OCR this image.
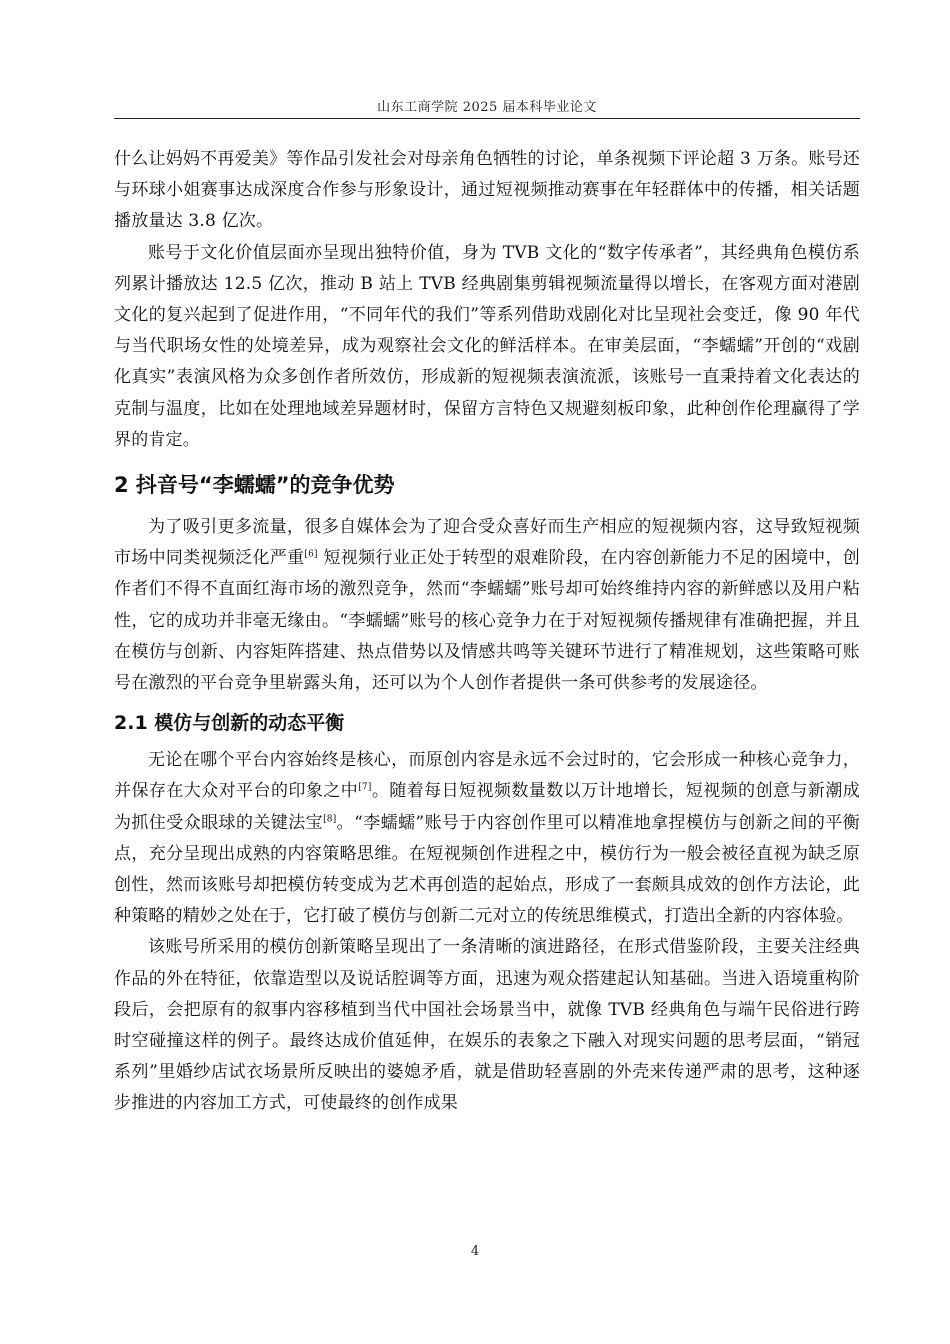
山东工商学院 2025 届本科毕业论文

什么让妈妈不再爱美》等作品引发社会对母亲角色牺牲的讨论，单条视频下评论超 3 万条。账号还与环球小姐赛事达成深度合作参与形象设计，通过短视频推动赛事在年轻群体中的传播，相关话题播放量达 3.8 亿次。

账号于文化价值层面亦呈现出独特价值，身为 TVB 文化的“数字传承者”，其经典角色模仿系列累计播放达 12.5 亿次，推动 B 站上 TVB 经典剧集剪辑视频流量得以增长，在客观方面对港剧文化的复兴起到了促进作用，“不同年代的我们”等系列借助戏剧化对比呈现社会变迁，像 90 年代与当代职场女性的处境差异，成为观察社会文化的鲜活样本。在审美层面，“李蠕蠕”开创的“戏剧化真实”表演风格为众多创作者所效仿，形成新的短视频表演流派，该账号一直秉持着文化表达的克制与温度，比如在处理地域差异题材时，保留方言特色又规避刻板印象，此种创作伦理赢得了学界的肯定。

2 抖音号“李蠕蠕”的竞争优势

为了吸引更多流量，很多自媒体会为了迎合受众喜好而生产相应的短视频内容，这导致短视频市场中同类视频泛化严重[6] 短视频行业正处于转型的艰难阶段，在内容创新能力不足的困境中，创作者们不得不直面红海市场的激烈竞争，然而“李蠕蠕”账号却可始终维持内容的新鲜感以及用户粘性，它的成功并非毫无缘由。“李蠕蠕”账号的核心竞争力在于对短视频传播规律有准确把握，并且在模仿与创新、内容矩阵搭建、热点借势以及情感共鸣等关键环节进行了精准规划，这些策略可账号在激烈的平台竞争里崭露头角，还可以为个人创作者提供一条可供参考的发展途径。

2.1 模仿与创新的动态平衡

无论在哪个平台内容始终是核心，而原创内容是永远不会过时的，它会形成一种核心竞争力，并保存在大众对平台的印象之中[7]。随着每日短视频数量数以万计地增长，短视频的创意与新潮成为抓住受众眼球的关键法宝[8]。“李蠕蠕”账号于内容创作里可以精准地拿捏模仿与创新之间的平衡点，充分呈现出成熟的内容策略思维。在短视频创作进程之中，模仿行为一般会被径直视为缺乏原创性，然而该账号却把模仿转变成为艺术再创造的起始点，形成了一套颇具成效的创作方法论，此种策略的精妙之处在于，它打破了模仿与创新二元对立的传统思维模式，打造出全新的内容体验。

该账号所采用的模仿创新策略呈现出了一条清晰的演进路径，在形式借鉴阶段，主要关注经典作品的外在特征，依靠造型以及说话腔调等方面，迅速为观众搭建起认知基础。当进入语境重构阶段后，会把原有的叙事内容移植到当代中国社会场景当中，就像 TVB 经典角色与端午民俗进行跨时空碰撞这样的例子。最终达成价值延伸，在娱乐的表象之下融入对现实问题的思考层面，“销冠系列”里婚纱店试衣场景所反映出的婆媳矛盾，就是借助轻喜剧的外壳来传递严肃的思考，这种逐步推进的内容加工方式，可使最终的创作成果

4
